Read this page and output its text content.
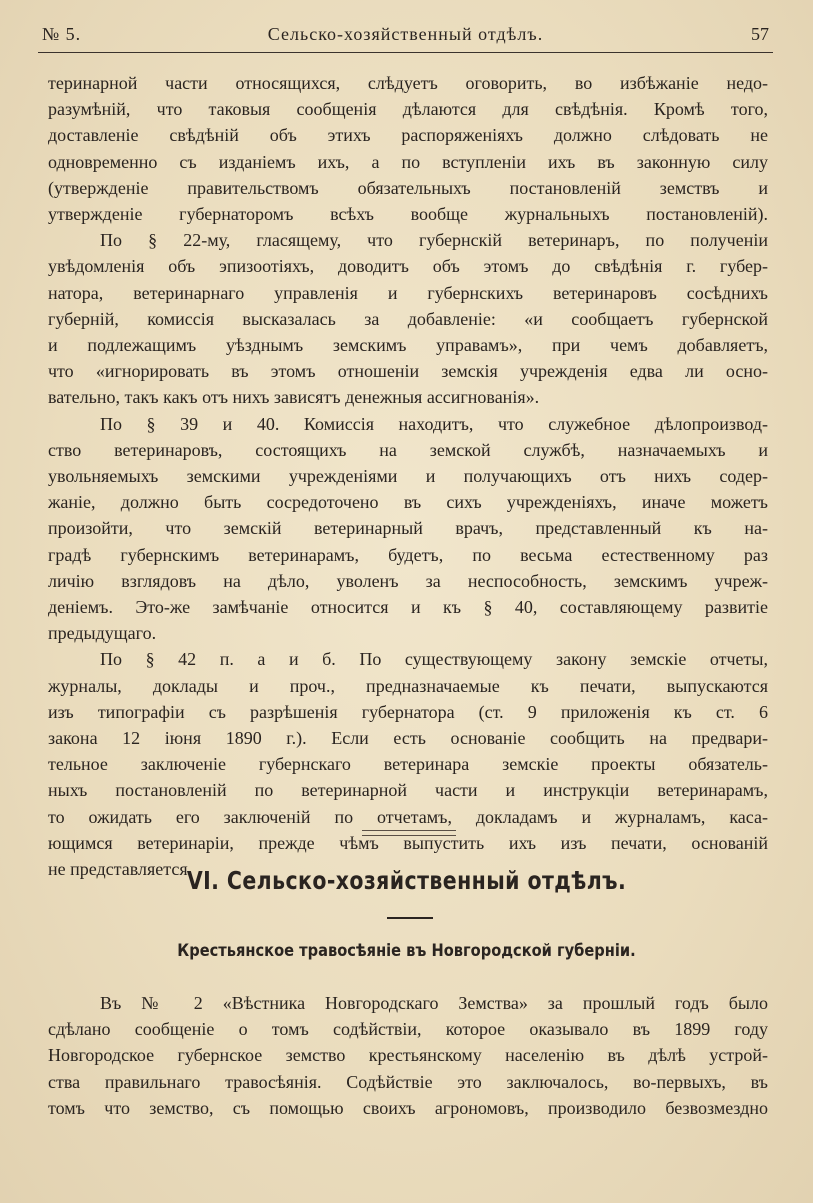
№ 5.	Сельско-хозяйственный отдѣлъ.	57
теринарной части относящихся, слѣдуетъ оговорить, во избѣжаніе недо-
разумѣній, что таковыя сообщенія дѣлаются для свѣдѣнія. Кромѣ того,
доставленіе свѣдѣній объ этихъ распоряженіяхъ должно слѣдовать не
одновременно съ изданіемъ ихъ, а по вступленіи ихъ въ законную силу
(утвержденіе правительствомъ обязательныхъ постановленій земствъ и
утвержденіе губернаторомъ всѣхъ вообще журнальныхъ постановленій).
По § 22-му, гласящему, что губернскій ветеринаръ, по полученіи
увѣдомленія объ эпизоотіяхъ, доводитъ объ этомъ до свѣдѣнія г. губер-
натора, ветеринарнаго управленія и губернскихъ ветеринаровъ сосѣднихъ
губерній, комиссія высказалась за добавленіе: «и сообщаетъ губернской
и подлежащимъ уѣзднымъ земскимъ управамъ», при чемъ добавляетъ,
что «игнорировать въ этомъ отношеніи земскія учрежденія едва ли осно-
вательно, такъ какъ отъ нихъ зависятъ денежныя ассигнованія».
По § 39 и 40. Комиссія находитъ, что служебное дѣлопроизвод-
ство ветеринаровъ, состоящихъ на земской службѣ, назначаемыхъ и
увольняемыхъ земскими учрежденіями и получающихъ отъ нихъ содер-
жаніе, должно быть сосредоточено въ сихъ учрежденіяхъ, иначе можетъ
произойти, что земскій ветеринарный врачъ, представленный къ на-
градѣ губернскимъ ветеринарамъ, будетъ, по весьма естественному раз
личію взглядовъ на дѣло, уволенъ за неспособность, земскимъ учреж-
деніемъ. Это-же замѣчаніе относится и къ § 40, составляющему развитіе
предыдущаго.
По § 42 п. а и б. По существующему закону земскіе отчеты,
журналы, доклады и проч., предназначаемые къ печати, выпускаются
изъ типографіи съ разрѣшенія губернатора (ст. 9 приложенія къ ст. 6
закона 12 іюня 1890 г.). Если есть основаніе сообщить на предвари-
тельное заключеніе губернскаго ветеринара земскіе проекты обязатель-
ныхъ постановленій по ветеринарной части и инструкціи ветеринарамъ,
то ожидать его заключеній по отчетамъ, докладамъ и журналамъ, каса-
ющимся ветеринаріи, прежде чѣмъ выпустить ихъ изъ печати, основаній
не представляется.
VI. Сельско-хозяйственный отдѣлъ.
Крестьянское травосѣяніе въ Новгородской губерніи.
Въ № 2 «Вѣстника Новгородскаго Земства» за прошлый годъ было
сдѣлано сообщеніе о томъ содѣйствіи, которое оказывало въ 1899 году
Новгородское губернское земство крестьянскому населенію въ дѣлѣ устрой-
ства правильнаго травосѣянія. Содѣйствіе это заключалось, во-первыхъ, въ
томъ что земство, съ помощью своихъ агрономовъ, производило безвозмездно
